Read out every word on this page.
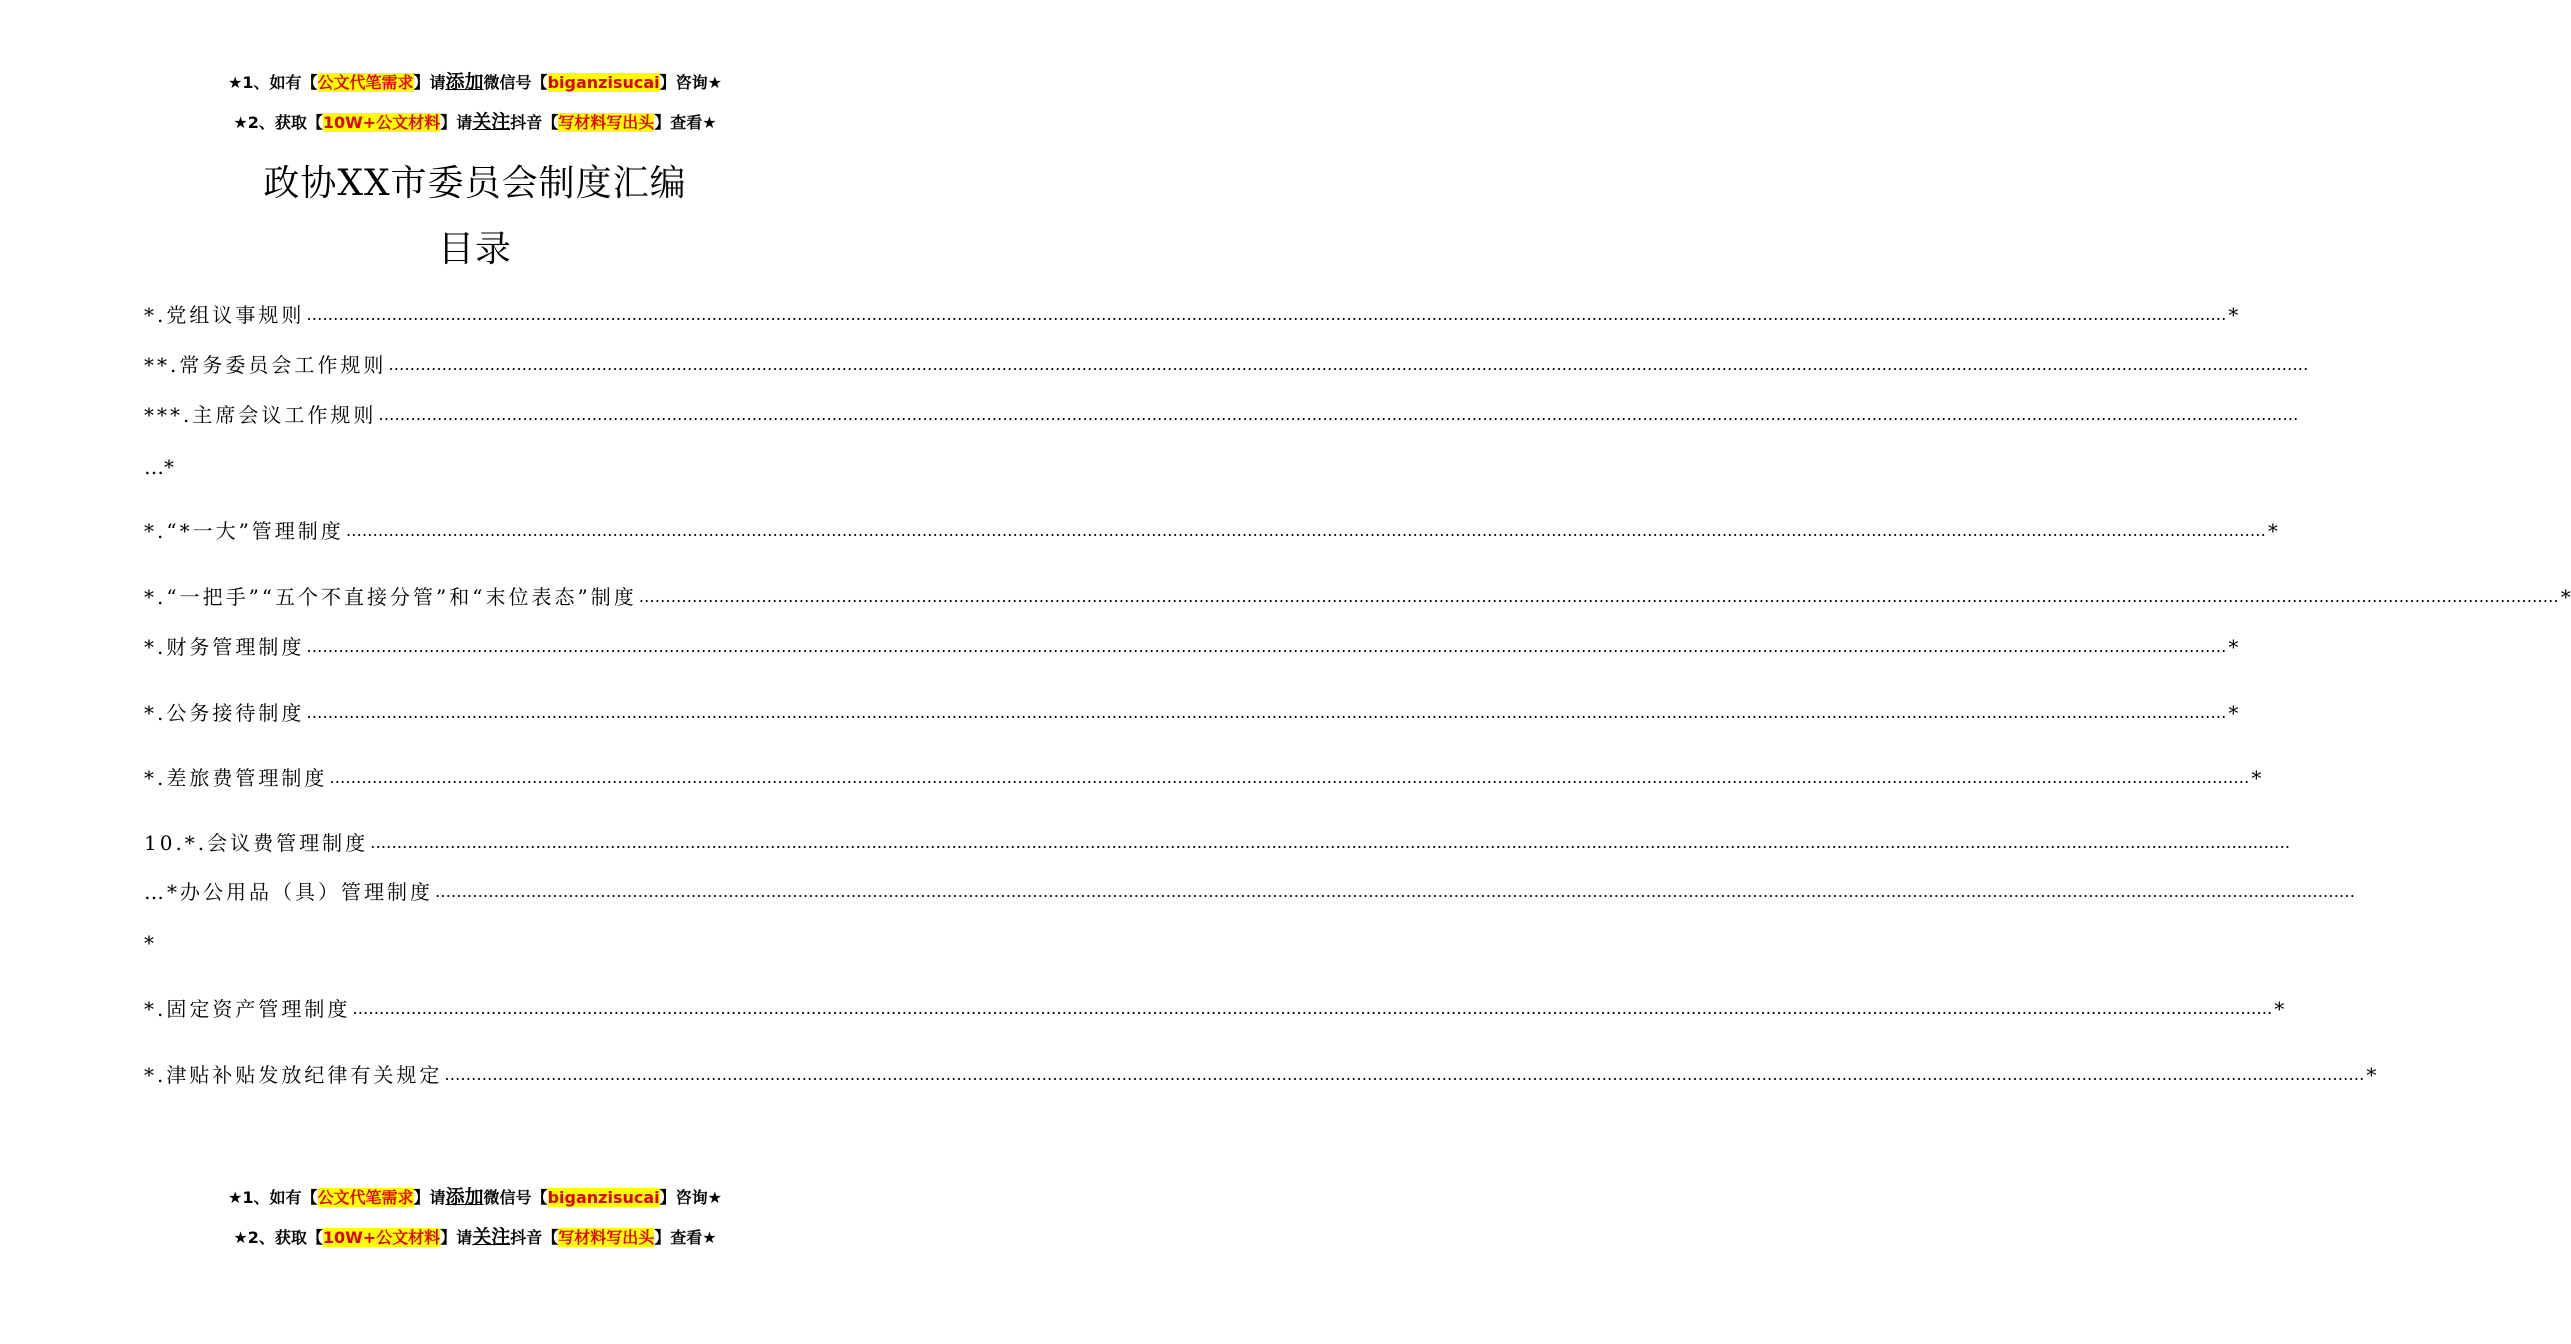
★1、如有【公文代笔需求】请添加微信号【biganzisucai】咨询★
★2、获取【10W+公文材料】请关注抖音【写材料写出头】查看★
政协XX市委员会制度汇编
目录
*.党组议事规则 ……………………………………………………………………………………………………………………………………………………………………………………………………………………………………………………………………………………………………………………………… *
**.常务委员会工作规则 ………………………………………………………………………………………………………………………………………………………………………………………………………………………………………………………………………………………………………………………………
***.主席会议工作规则 ………………………………………………………………………………………………………………………………………………………………………………………………………………………………………………………………………………………………………………………………
…*
*.“*一大”管理制度 ……………………………………………………………………………………………………………………………………………………………………………………………………………………………………………………………………………………………………………………………… *
*.“一把手”“五个不直接分管”和“末位表态”制度 ……………………………………………………………………………………………………………………………………………………………………………………………………………………………………………………………………………………………………………………………… *
*.财务管理制度 ……………………………………………………………………………………………………………………………………………………………………………………………………………………………………………………………………………………………………………………………… *
*.公务接待制度 ……………………………………………………………………………………………………………………………………………………………………………………………………………………………………………………………………………………………………………………………… *
*.差旅费管理制度 ……………………………………………………………………………………………………………………………………………………………………………………………………………………………………………………………………………………………………………………………… *
10.*.会议费管理制度 ………………………………………………………………………………………………………………………………………………………………………………………………………………………………………………………………………………………………………………………………
…*办公用品（具）管理制度 ………………………………………………………………………………………………………………………………………………………………………………………………………………………………………………………………………………………………………………………………
*
*.固定资产管理制度 ……………………………………………………………………………………………………………………………………………………………………………………………………………………………………………………………………………………………………………………………… *
*.津贴补贴发放纪律有关规定 ……………………………………………………………………………………………………………………………………………………………………………………………………………………………………………………………………………………………………………………………… *
★1、如有【公文代笔需求】请添加微信号【biganzisucai】咨询★
★2、获取【10W+公文材料】请关注抖音【写材料写出头】查看★
